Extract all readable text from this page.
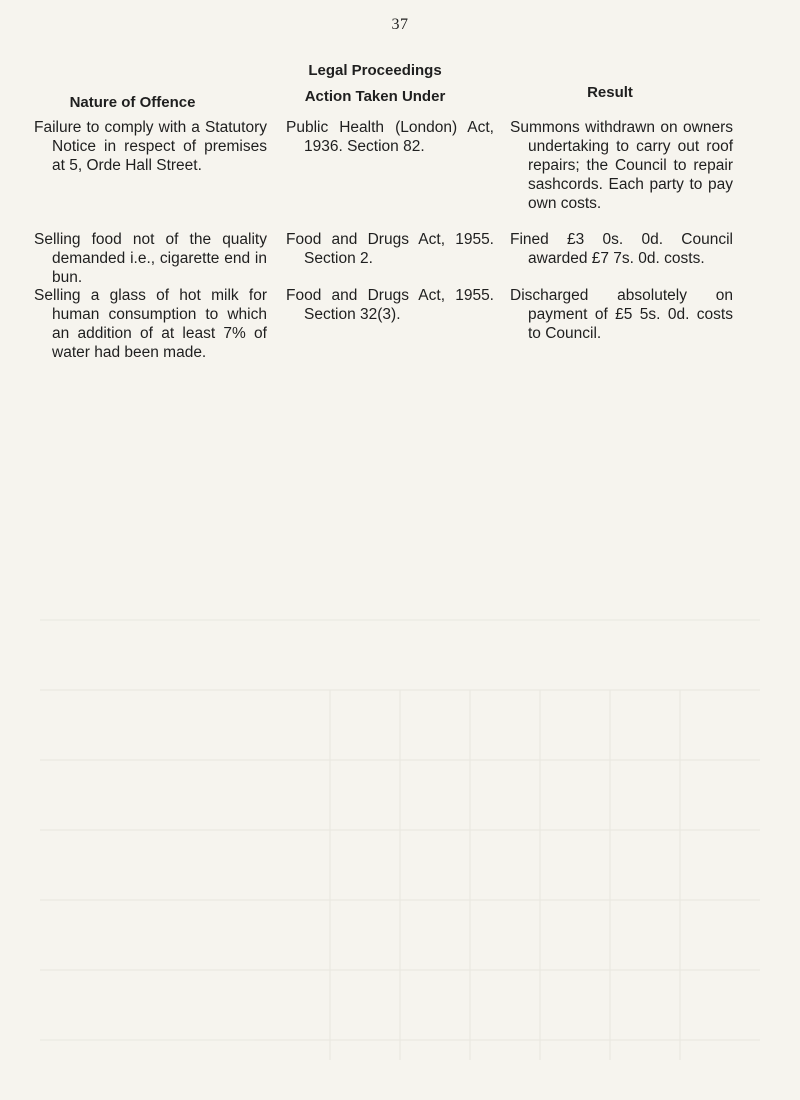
37
Legal Proceedings
Nature of Offence	Action Taken Under	Result
Failure to comply with a Statutory Notice in respect of premises at 5, Orde Hall Street.
Public Health (London) Act, 1936. Section 82.
Summons withdrawn on owners undertaking to carry out roof repairs; the Council to repair sashcords. Each party to pay own costs.
Selling food not of the quality demanded i.e., cigarette end in bun.
Food and Drugs Act, 1955. Section 2.
Fined £3 0s. 0d. Council awarded £7 7s. 0d. costs.
Selling a glass of hot milk for human consumption to which an addition of at least 7% of water had been made.
Food and Drugs Act, 1955. Section 32(3).
Discharged absolutely on payment of £5 5s. 0d. costs to Council.
